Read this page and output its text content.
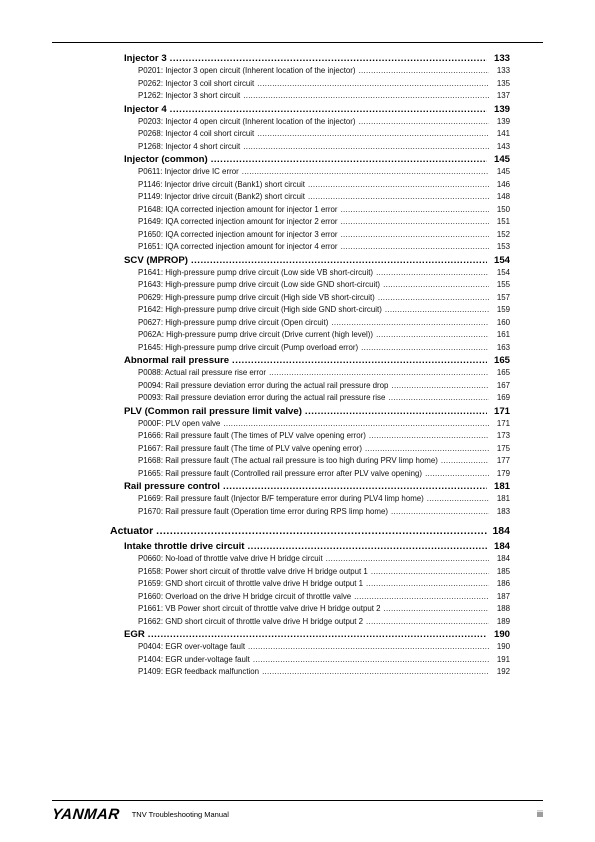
Injector 3 .....	133
P0201: Injector 3 open circuit (Inherent location of the injector) .....	133
P0262: Injector 3 coil short circuit .....	135
P1262: Injector 3 short circuit .....	137
Injector 4 .....	139
P0203: Injector 4 open circuit (Inherent location of the injector) .....	139
P0268: Injector 4 coil short circuit .....	141
P1268: Injector 4 short circuit .....	143
Injector (common) .....	145
P0611: Injector drive IC error .....	145
P1146: Injector drive circuit (Bank1) short circuit .....	146
P1149: Injector drive circuit (Bank2) short circuit .....	148
P1648: IQA corrected injection amount for injector 1 error .....	150
P1649: IQA corrected injection amount for injector 2 error .....	151
P1650: IQA corrected injection amount for injector 3 error .....	152
P1651: IQA corrected injection amount for injector 4 error .....	153
SCV (MPROP) .....	154
P1641: High-pressure pump drive circuit (Low side VB short-circuit) .....	154
P1643: High-pressure pump drive circuit (Low side GND short-circuit) .....	155
P0629: High-pressure pump drive circuit (High side VB short-circuit) .....	157
P1642: High-pressure pump drive circuit (High side GND short-circuit) .....	159
P0627: High-pressure pump drive circuit (Open circuit) .....	160
P062A: High-pressure pump drive circuit (Drive current (high level)) .....	161
P1645: High-pressure pump drive circuit (Pump overload error) .....	163
Abnormal rail pressure .....	165
P0088: Actual rail pressure rise error .....	165
P0094: Rail pressure deviation error during the actual rail pressure drop .....	167
P0093: Rail pressure deviation error during the actual rail pressure rise .....	169
PLV (Common rail pressure limit valve) .....	171
P000F: PLV open valve .....	171
P1666: Rail pressure fault (The times of PLV valve opening error) .....	173
P1667: Rail pressure fault (The time of PLV valve opening error) .....	175
P1668: Rail pressure fault (The actual rail pressure is too high during PRV limp home) .....	177
P1665: Rail pressure fault (Controlled rail pressure error after PLV valve opening) .....	179
Rail pressure control .....	181
P1669: Rail pressure fault (Injector B/F temperature error during PLV4 limp home) .....	181
P1670: Rail pressure fault (Operation time error during RPS limp home) .....	183
Actuator .....	184
Intake throttle drive circuit .....	184
P0660: No-load of throttle valve drive H bridge circuit .....	184
P1658: Power short circuit of throttle valve drive H bridge output 1 .....	185
P1659: GND short circuit of throttle valve drive H bridge output 1 .....	186
P1660: Overload on the drive H bridge circuit of throttle valve .....	187
P1661: VB Power short circuit of throttle valve drive H bridge output 2 .....	188
P1662: GND short circuit of throttle valve drive H bridge output 2 .....	189
EGR .....	190
P0404: EGR over-voltage fault .....	190
P1404: EGR under-voltage fault .....	191
P1409: EGR feedback malfunction .....	192
YANMAR TNV Troubleshooting Manual	iii
